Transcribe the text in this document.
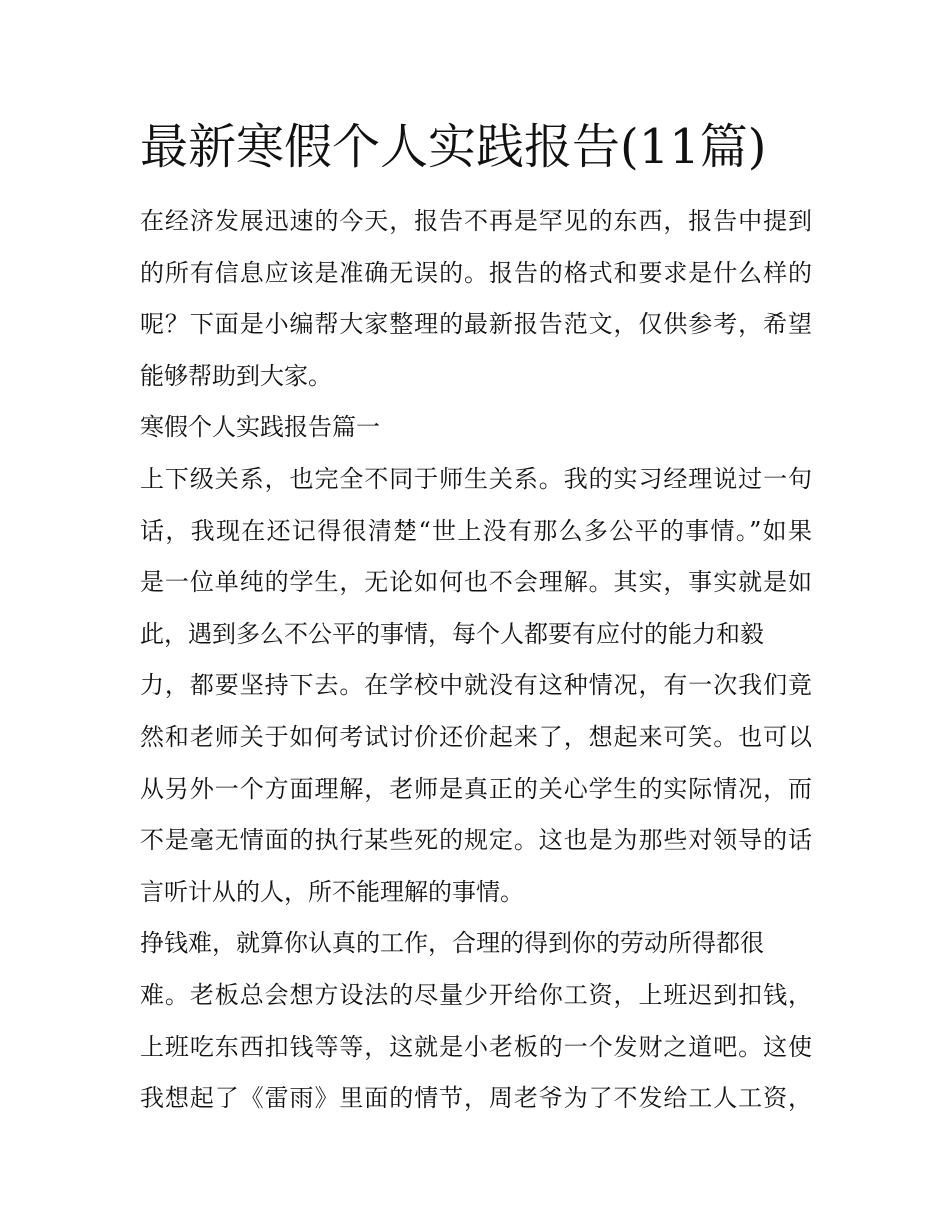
最新寒假个人实践报告(11篇)
在经济发展迅速的今天，报告不再是罕见的东西，报告中提到
的所有信息应该是准确无误的。报告的格式和要求是什么样的
呢？下面是小编帮大家整理的最新报告范文，仅供参考，希望
能够帮助到大家。
寒假个人实践报告篇一
上下级关系，也完全不同于师生关系。我的实习经理说过一句
话，我现在还记得很清楚“世上没有那么多公平的事情。”如果
是一位单纯的学生，无论如何也不会理解。其实，事实就是如
此，遇到多么不公平的事情，每个人都要有应付的能力和毅
力，都要坚持下去。在学校中就没有这种情况，有一次我们竟
然和老师关于如何考试讨价还价起来了，想起来可笑。也可以
从另外一个方面理解，老师是真正的关心学生的实际情况，而
不是毫无情面的执行某些死的规定。这也是为那些对领导的话
言听计从的人，所不能理解的事情。
挣钱难，就算你认真的工作，合理的得到你的劳动所得都很
难。老板总会想方设法的尽量少开给你工资，上班迟到扣钱，
上班吃东西扣钱等等，这就是小老板的一个发财之道吧。这使
我想起了《雷雨》里面的情节，周老爷为了不发给工人工资，
